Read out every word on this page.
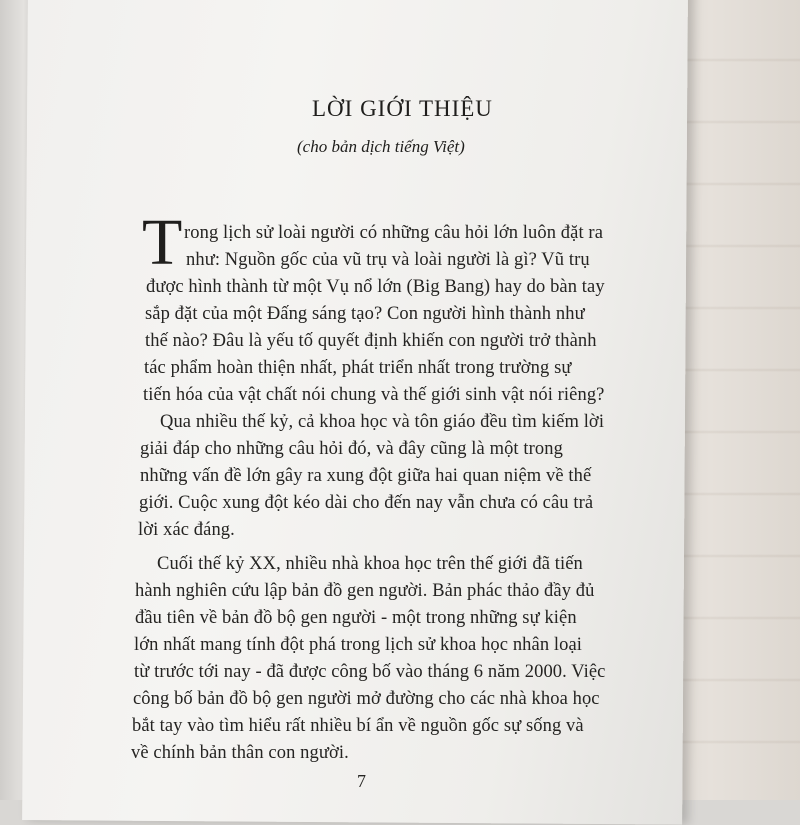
LỜI GIỚI THIỆU
(cho bản dịch tiếng Việt)
T rong lịch sử loài người có những câu hỏi lớn luôn đặt ra
như: Nguồn gốc của vũ trụ và loài người là gì? Vũ trụ
được hình thành từ một Vụ nổ lớn (Big Bang) hay do bàn tay
sắp đặt của một Đấng sáng tạo? Con người hình thành như
thế nào? Đâu là yếu tố quyết định khiến con người trở thành
tác phẩm hoàn thiện nhất, phát triển nhất trong trường sự
tiến hóa của vật chất nói chung và thế giới sinh vật nói riêng?
Qua nhiều thế kỷ, cả khoa học và tôn giáo đều tìm kiếm lời
giải đáp cho những câu hỏi đó, và đây cũng là một trong
những vấn đề lớn gây ra xung đột giữa hai quan niệm về thế
giới. Cuộc xung đột kéo dài cho đến nay vẫn chưa có câu trả
lời xác đáng.
Cuối thế kỷ XX, nhiều nhà khoa học trên thế giới đã tiến
hành nghiên cứu lập bản đồ gen người. Bản phác thảo đầy đủ
đầu tiên về bản đồ bộ gen người - một trong những sự kiện
lớn nhất mang tính đột phá trong lịch sử khoa học nhân loại
từ trước tới nay - đã được công bố vào tháng 6 năm 2000. Việc
công bố bản đồ bộ gen người mở đường cho các nhà khoa học
bắt tay vào tìm hiểu rất nhiều bí ẩn về nguồn gốc sự sống và
về chính bản thân con người.
7
